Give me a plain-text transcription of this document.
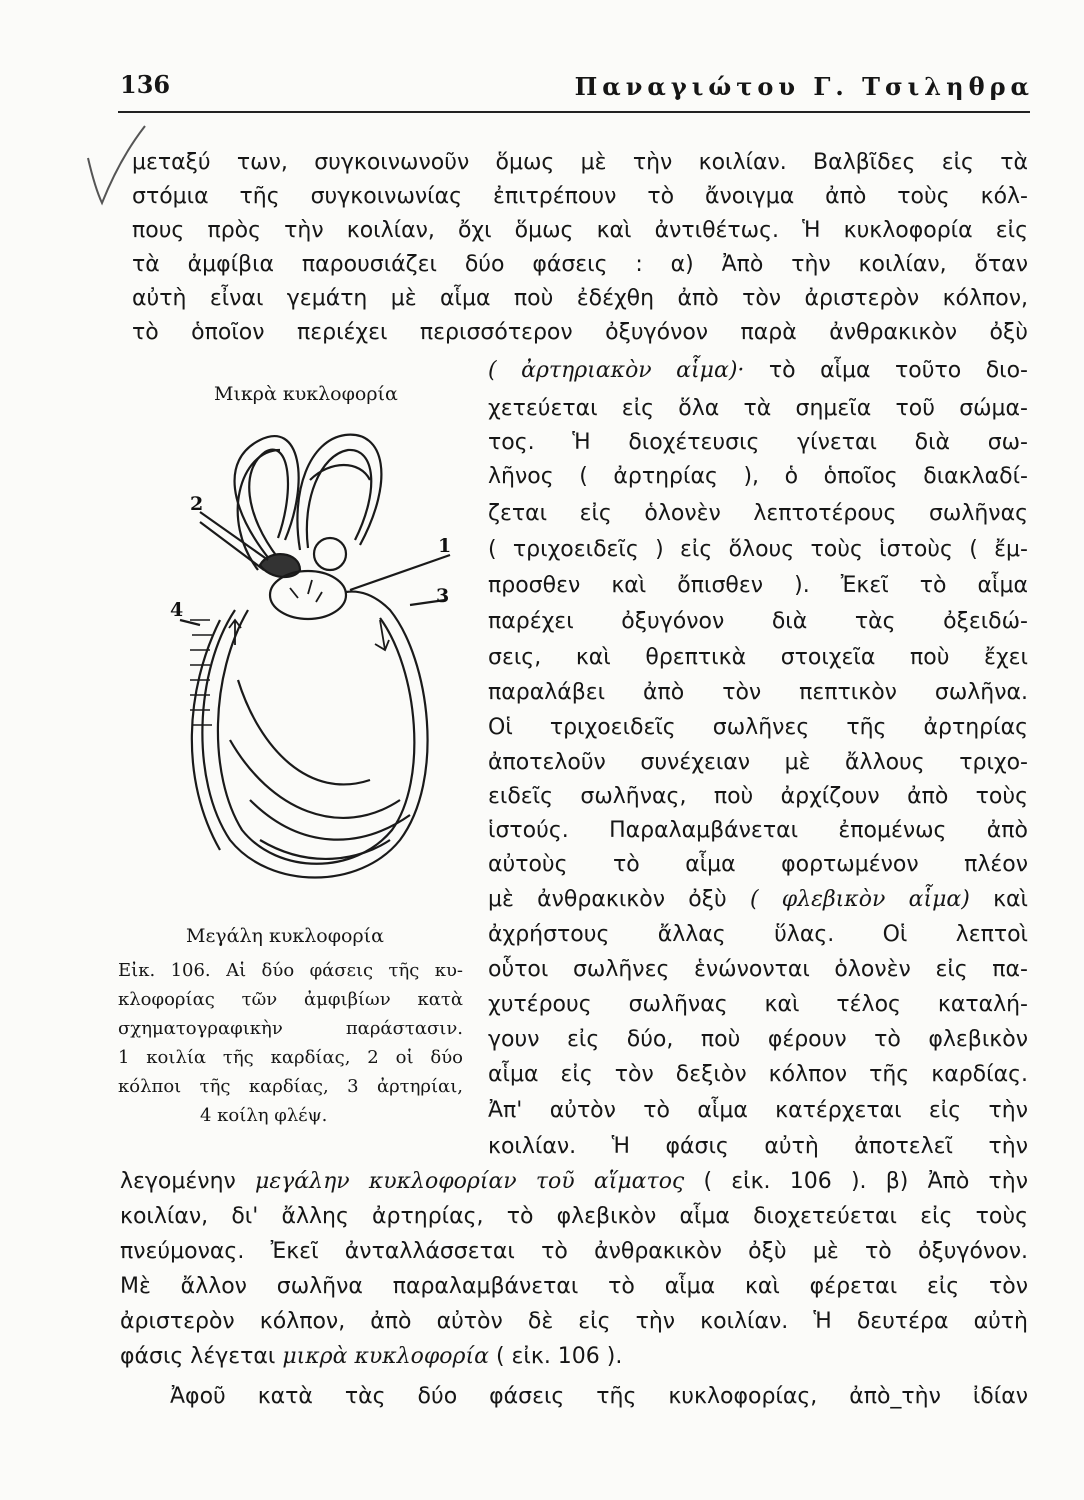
136	Παναγιώτου Γ. Τσιληθρα
μεταξύ των, συγκοινωνοῦν ὅμως μὲ τὴν κοιλίαν. Βαλβῖδες εἰς τὰ
στόμια τῆς συγκοινωνίας ἐπιτρέπουν τὸ ἄνοιγμα ἀπὸ τοὺς κόλ-
πους πρὸς τὴν κοιλίαν, ὄχι ὅμως καὶ ἀντιθέτως. Ἡ κυκλοφορία εἰς
τὰ ἀμφίβια παρουσιάζει δύο φάσεις : α) Ἀπὸ τὴν κοιλίαν, ὅταν
αὐτὴ εἶναι γεμάτη μὲ αἷμα ποὺ ἐδέχθη ἀπὸ τὸν ἀριστερὸν κόλπον,
τὸ ὁποῖον περιέχει περισσότερον ὀξυγόνον παρὰ ἀνθρακικὸν ὀξὺ
( ἀρτηριακὸν αἷμα)· τὸ αἷμα τοῦτο διο-
χετεύεται εἰς ὅλα τὰ σημεῖα τοῦ σώμα-
τος. Ἡ διοχέτευσις γίνεται διὰ σω-
λῆνος ( ἀρτηρίας ), ὁ ὁποῖος διακλαδί-
ζεται εἰς ὁλονὲν λεπτοτέρους σωλῆνας
( τριχοειδεῖς ) εἰς ὅλους τοὺς ἱστοὺς ( ἔμ-
προσθεν καὶ ὄπισθεν ). Ἐκεῖ τὸ αἷμα
παρέχει ὀξυγόνον διὰ τὰς ὀξειδώ-
σεις, καὶ θρεπτικὰ στοιχεῖα ποὺ ἔχει
παραλάβει ἀπὸ τὸν πεπτικὸν σωλῆνα.
Οἱ τριχοειδεῖς σωλῆνες τῆς ἀρτηρίας
ἀποτελοῦν συνέχειαν μὲ ἄλλους τριχο-
ειδεῖς σωλῆνας, ποὺ ἀρχίζουν ἀπὸ τοὺς
ἱστούς. Παραλαμβάνεται ἐπομένως ἀπὸ
αὐτοὺς τὸ αἷμα φορτωμένον πλέον
μὲ ἀνθρακικὸν ὀξὺ ( φλεβικὸν αἷμα) καὶ
ἀχρήστους ἄλλας ὕλας. Οἱ λεπτοὶ
οὗτοι σωλῆνες ἑνώνονται ὁλονὲν εἰς πα-
χυτέρους σωλῆνας καὶ τέλος καταλή-
γουν εἰς δύο, ποὺ φέρουν τὸ φλεβικὸν
αἷμα εἰς τὸν δεξιὸν κόλπον τῆς καρδίας.
Ἀπ' αὐτὸν τὸ αἷμα κατέρχεται εἰς τὴν
κοιλίαν. Ἡ φάσις αὐτὴ ἀποτελεῖ τὴν
Μικρὰ κυκλοφορία
1
2
3
4
Μεγάλη κυκλοφορία
Εἰκ. 106. Αἱ δύο φάσεις τῆς κυ-
κλοφορίας τῶν ἀμφιβίων κατὰ
σχηματογραφικὴν παράστασιν.
1 κοιλία τῆς καρδίας, 2 οἱ δύο
κόλποι τῆς καρδίας, 3 ἀρτηρίαι,
4 κοίλη φλέψ.
λεγομένην μεγάλην κυκλοφορίαν τοῦ αἵματος ( εἰκ. 106 ). β) Ἀπὸ τὴν
κοιλίαν, δι' ἄλλης ἀρτηρίας, τὸ φλεβικὸν αἷμα διοχετεύεται εἰς τοὺς
πνεύμονας. Ἐκεῖ ἀνταλλάσσεται τὸ ἀνθρακικὸν ὀξὺ μὲ τὸ ὀξυγόνον.
Μὲ ἄλλον σωλῆνα παραλαμβάνεται τὸ αἷμα καὶ φέρεται εἰς τὸν
ἀριστερὸν κόλπον, ἀπὸ αὐτὸν δὲ εἰς τὴν κοιλίαν. Ἡ δευτέρα αὐτὴ
φάσις λέγεται μικρὰ κυκλοφορία ( εἰκ. 106 ).
Ἀφοῦ κατὰ τὰς δύο φάσεις τῆς κυκλοφορίας, ἀπὸ_τὴν ἰδίαν
